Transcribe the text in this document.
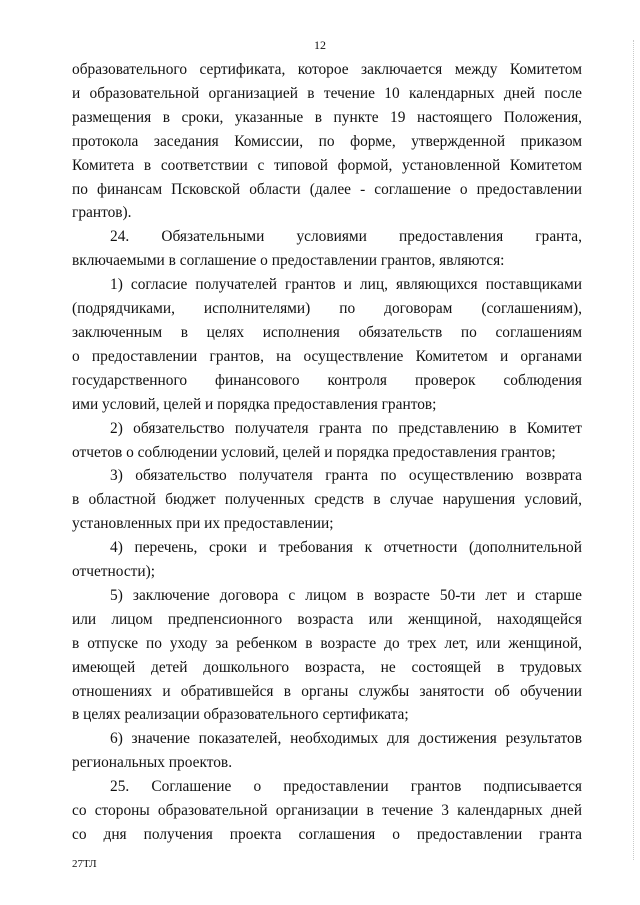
12

образовательного сертификата, которое заключается между Комитетом

и образовательной организацией в течение 10 календарных дней после

размещения в сроки, указанные в пункте 19 настоящего Положения,

протокола заседания Комиссии, по форме, утвержденной приказом

Комитета в соответствии с типовой формой, установленной Комитетом

по финансам Псковской области (далее - соглашение о предоставлении

грантов).

24. Обязательными условиями предоставления гранта,

включаемыми в соглашение о предоставлении грантов, являются:

1) согласие получателей грантов и лиц, являющихся поставщиками

(подрядчиками, исполнителями) по договорам (соглашениям),

заключенным в целях исполнения обязательств по соглашениям

о предоставлении грантов, на осуществление Комитетом и органами

государственного финансового контроля проверок соблюдения

ими условий, целей и порядка предоставления грантов;

2) обязательство получателя гранта по представлению в Комитет

отчетов о соблюдении условий, целей и порядка предоставления грантов;

3) обязательство получателя гранта по осуществлению возврата

в областной бюджет полученных средств в случае нарушения условий,

установленных при их предоставлении;

4) перечень, сроки и требования к отчетности (дополнительной

отчетности);

5) заключение договора с лицом в возрасте 50-ти лет и старше

или лицом предпенсионного возраста или женщиной, находящейся

в отпуске по уходу за ребенком в возрасте до трех лет, или женщиной,

имеющей детей дошкольного возраста, не состоящей в трудовых

отношениях и обратившейся в органы службы занятости об обучении

в целях реализации образовательного сертификата;

6) значение показателей, необходимых для достижения результатов

региональных проектов.

25. Соглашение о предоставлении грантов подписывается

со стороны образовательной организации в течение 3 календарных дней

со дня получения проекта соглашения о предоставлении гранта

27ТЛ
